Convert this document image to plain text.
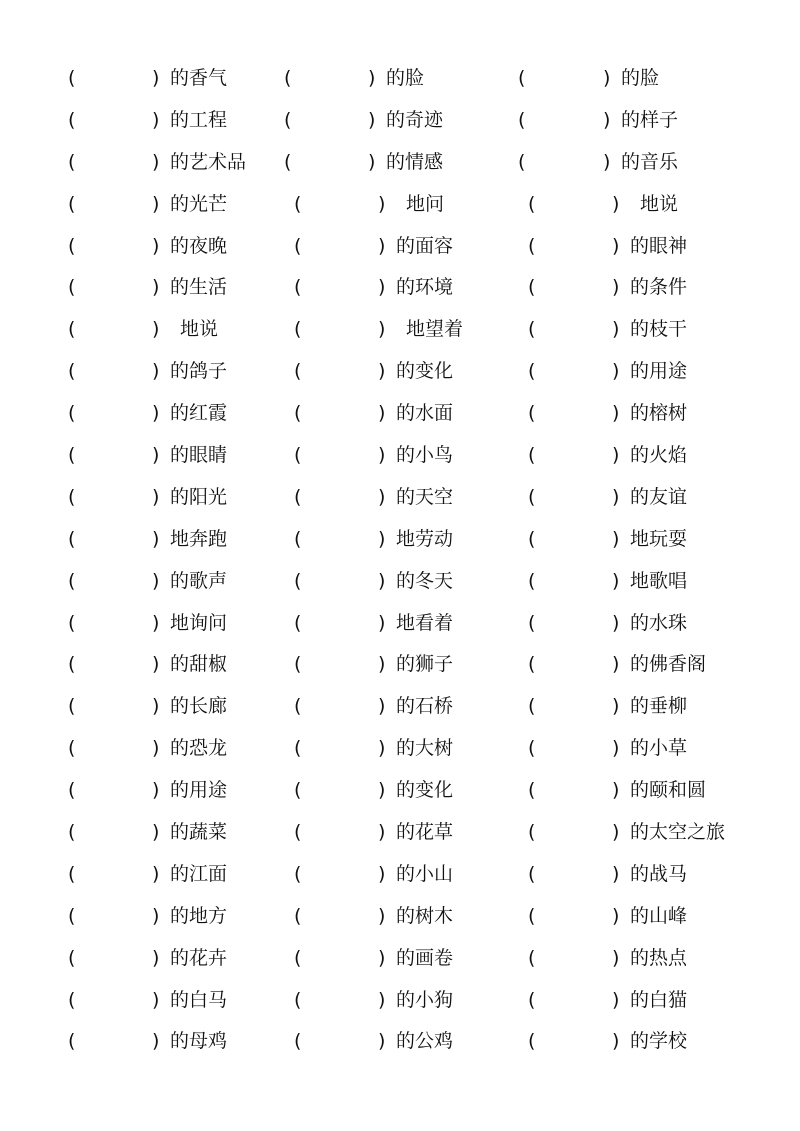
(	) 的香气	(	) 的脸	(	) 的脸
(	) 的工程	(	) 的奇迹	(	) 的样子
(	) 的艺术品 (	) 的情感	(	) 的音乐
(	) 的光芒	(	) 地问	(	) 地说
(	) 的夜晚	(	) 的面容	(	) 的眼神
(	) 的生活	(	) 的环境	(	) 的条件
(	) 地说	(	) 地望着	(	) 的枝干
(	) 的鸽子	(	) 的变化	(	) 的用途
(	) 的红霞	(	) 的水面	(	) 的榕树
(	) 的眼睛	(	) 的小鸟	(	) 的火焰
(	) 的阳光	(	) 的天空	(	) 的友谊
(	) 地奔跑	(	) 地劳动	(	) 地玩耍
(	) 的歌声	(	) 的冬天	(	) 地歌唱
(	) 地询问	(	) 地看着	(	) 的水珠
(	) 的甜椒	(	) 的狮子	(	) 的佛香阁
(	) 的长廊	(	) 的石桥	(	) 的垂柳
(	) 的恐龙	(	) 的大树	(	) 的小草
(	) 的用途	(	) 的变化	(	) 的颐和圆
(	) 的蔬菜	(	) 的花草	(	) 的太空之旅
(	) 的江面	(	) 的小山	(	) 的战马
(	) 的地方	(	) 的树木	(	) 的山峰
(	) 的花卉	(	) 的画卷	(	) 的热点
(	) 的白马	(	) 的小狗	(	) 的白猫
(	) 的母鸡	(	) 的公鸡	(	) 的学校
